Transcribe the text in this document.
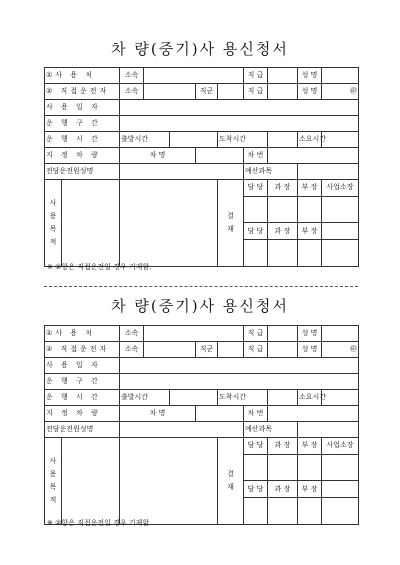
차 량(중기)사 용신청서
①사 용 처	소속		직 급		성 명	
② 직접운전자	소속		직군		직 급		성 명	㊞
사 용 일 자	
운 행 구 간	
운 행 시 간	출발시간		도착시간		소요시간	
지 정 차 량	차 명		차 번	
전담운전원성명		예산과목	

사용목적	
		결재	담 당	과 장	부 장	사업소장

담 당	과 장	부 장	

※ ②항은 직접운전일 경우 기재함.
차 량(중기)사 용신청서
①사 용 처	소속		직 급		성 명	
② 직접운전자	소속		직군		직 급		성 명	㊞
사 용 일 자	
운 행 구 간	
운 행 시 간	출발시간		도착시간		소요시간	
지 정 차 량	차 명		차 번	
전담운전원성명		예산과목	

사용목적	
		결재	담 당	과 장	부 장	사업소장

담 당	과 장	부 장	

※ ②항은 직접운전일 경우 기재함.
